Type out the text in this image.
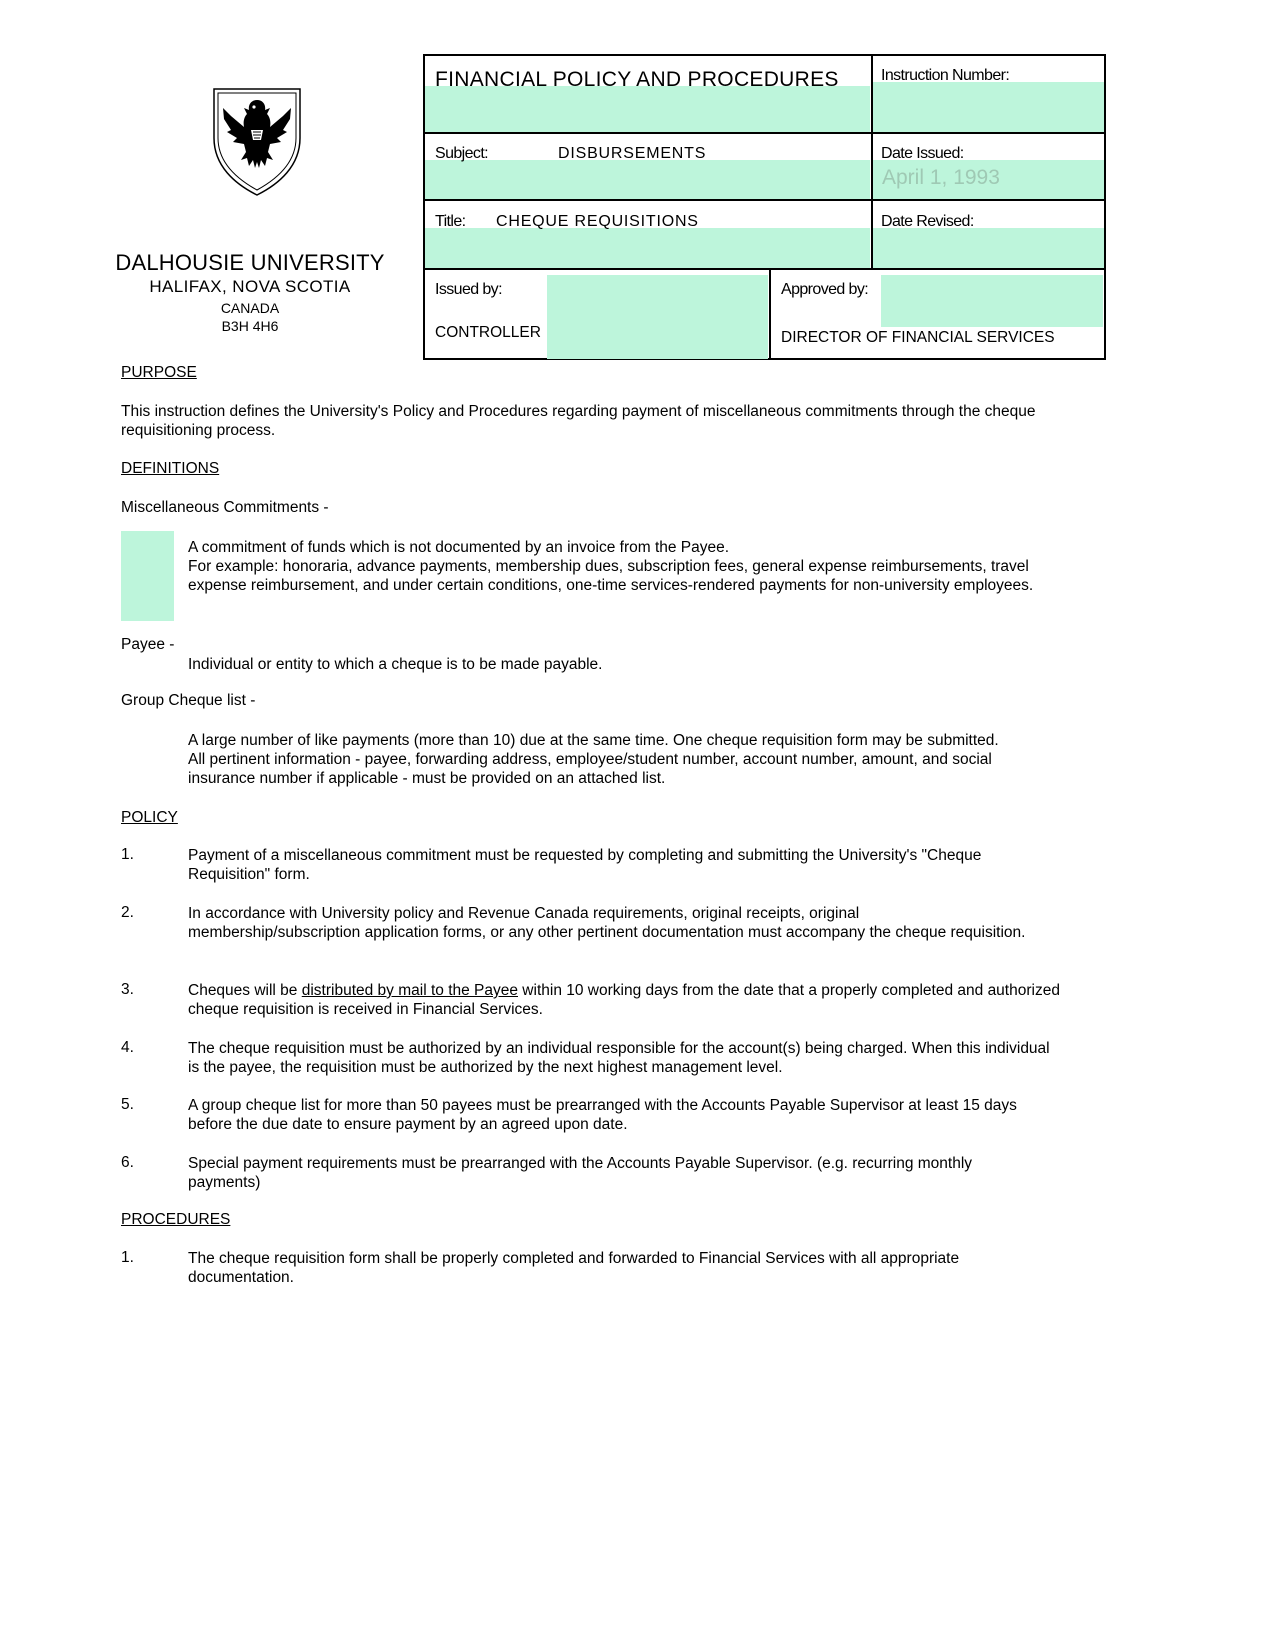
DALHOUSIE UNIVERSITY
HALIFAX, NOVA SCOTIA
CANADA
B3H 4H6
FINANCIAL POLICY AND PROCEDURES	Instruction Number:
Subject:	DISBURSEMENTS	Date Issued:
April 1, 1993
Title: CHEQUE REQUISITIONS	Date Revised:
Issued by:
CONTROLLER
Approved by:
DIRECTOR OF FINANCIAL SERVICES
PURPOSE
This instruction defines the University's Policy and Procedures regarding payment of miscellaneous commitments through the cheque requisitioning process.
DEFINITIONS
Miscellaneous Commitments -
A commitment of funds which is not documented by an invoice from the Payee.
For example: honoraria, advance payments, membership dues, subscription fees, general expense reimbursements, travel expense reimbursement, and under certain conditions, one-time services-rendered payments for non-university employees.
Payee -
Individual or entity to which a cheque is to be made payable.
Group Cheque list -
A large number of like payments (more than 10) due at the same time. One cheque requisition form may be submitted. All pertinent information - payee, forwarding address, employee/student number, account number, amount, and social insurance number if applicable - must be provided on an attached list.
POLICY
1.	Payment of a miscellaneous commitment must be requested by completing and submitting the University's "Cheque Requisition" form.
2.	In accordance with University policy and Revenue Canada requirements, original receipts, original membership/subscription application forms, or any other pertinent documentation must accompany the cheque requisition.
3.	Cheques will be distributed by mail to the Payee within 10 working days from the date that a properly completed and authorized cheque requisition is received in Financial Services.
4.	The cheque requisition must be authorized by an individual responsible for the account(s) being charged. When this individual is the payee, the requisition must be authorized by the next highest management level.
5.	A group cheque list for more than 50 payees must be prearranged with the Accounts Payable Supervisor at least 15 days before the due date to ensure payment by an agreed upon date.
6.	Special payment requirements must be prearranged with the Accounts Payable Supervisor. (e.g. recurring monthly payments)
PROCEDURES
1.	The cheque requisition form shall be properly completed and forwarded to Financial Services with all appropriate documentation.
